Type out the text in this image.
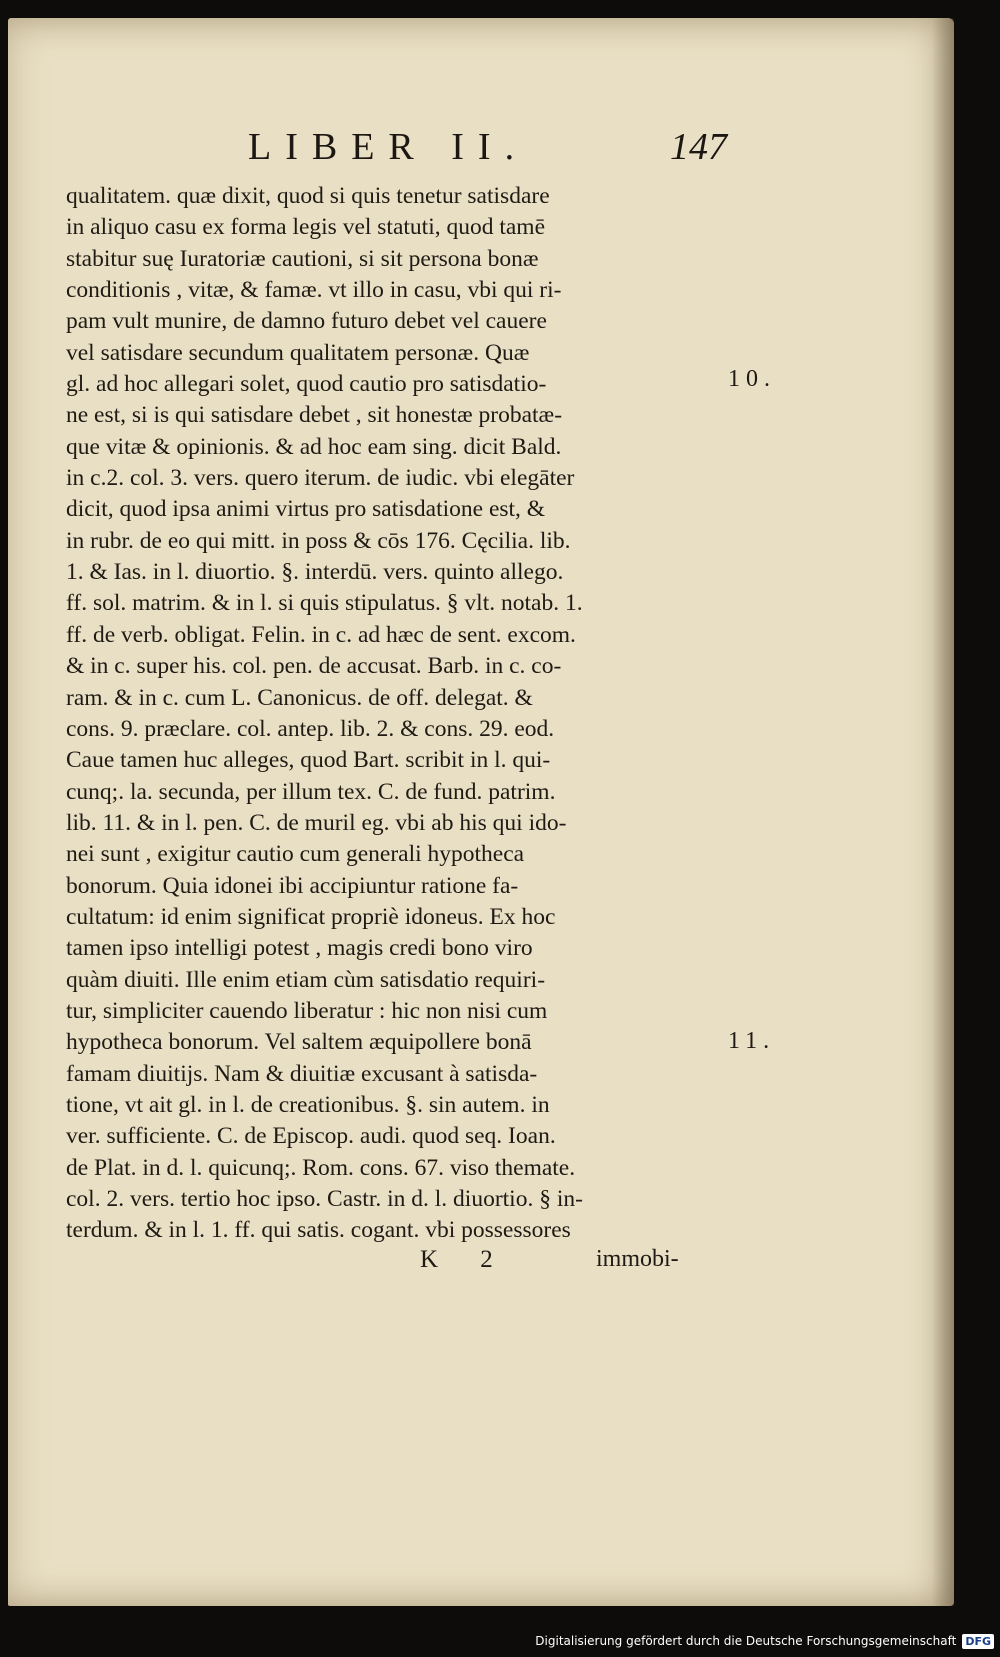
LIBER II.	147
qualitatem. quæ dixit, quod si quis tenetur satisdare
in aliquo casu ex forma legis vel statuti, quod tamē
stabitur suę Iuratoriæ cautioni, si sit persona bonæ
conditionis , vitæ, & famæ. vt illo in casu, vbi qui ri-
pam vult munire, de damno futuro debet vel cauere
vel satisdare secundum qualitatem personæ. Quæ
gl. ad hoc allegari solet, quod cautio pro satisdatio-
ne est, si is qui satisdare debet , sit honestæ probatæ-
que vitæ & opinionis. & ad hoc eam sing. dicit Bald.
in c.2. col. 3. vers. quero iterum. de iudic. vbi elegāter
dicit, quod ipsa animi virtus pro satisdatione est, &
in rubr. de eo qui mitt. in poss & cōs 176. Cęcilia. lib.
1. & Ias. in l. diuortio. §. interdū. vers. quinto allego.
ff. sol. matrim. & in l. si quis stipulatus. § vlt. notab. 1.
ff. de verb. obligat. Felin. in c. ad hæc de sent. excom.
& in c. super his. col. pen. de accusat. Barb. in c. co-
ram. & in c. cum L. Canonicus. de off. delegat. &
cons. 9. præclare. col. antep. lib. 2. & cons. 29. eod.
Caue tamen huc alleges, quod Bart. scribit in l. qui-
cunq;. la. secunda, per illum tex. C. de fund. patrim.
lib. 11. & in l. pen. C. de muril eg. vbi ab his qui ido-
nei sunt , exigitur cautio cum generali hypotheca
bonorum. Quia idonei ibi accipiuntur ratione fa-
cultatum: id enim significat propriè idoneus. Ex hoc
tamen ipso intelligi potest , magis credi bono viro
quàm diuiti. Ille enim etiam cùm satisdatio requiri-
tur, simpliciter cauendo liberatur : hic non nisi cum
hypotheca bonorum. Vel saltem æquipollere bonā
famam diuitijs. Nam & diuitiæ excusant à satisda-
tione, vt ait gl. in l. de creationibus. §. sin autem. in
ver. sufficiente. C. de Episcop. audi. quod seq. Ioan.
de Plat. in d. l. quicunq;. Rom. cons. 67. viso themate.
col. 2. vers. tertio hoc ipso. Castr. in d. l. diuortio. § in-
terdum. & in l. 1. ff. qui satis. cogant. vbi possessores
10.
11.
K 2	immobi-
Digitalisierung gefördert durch die Deutsche Forschungsgemeinschaft DFG
